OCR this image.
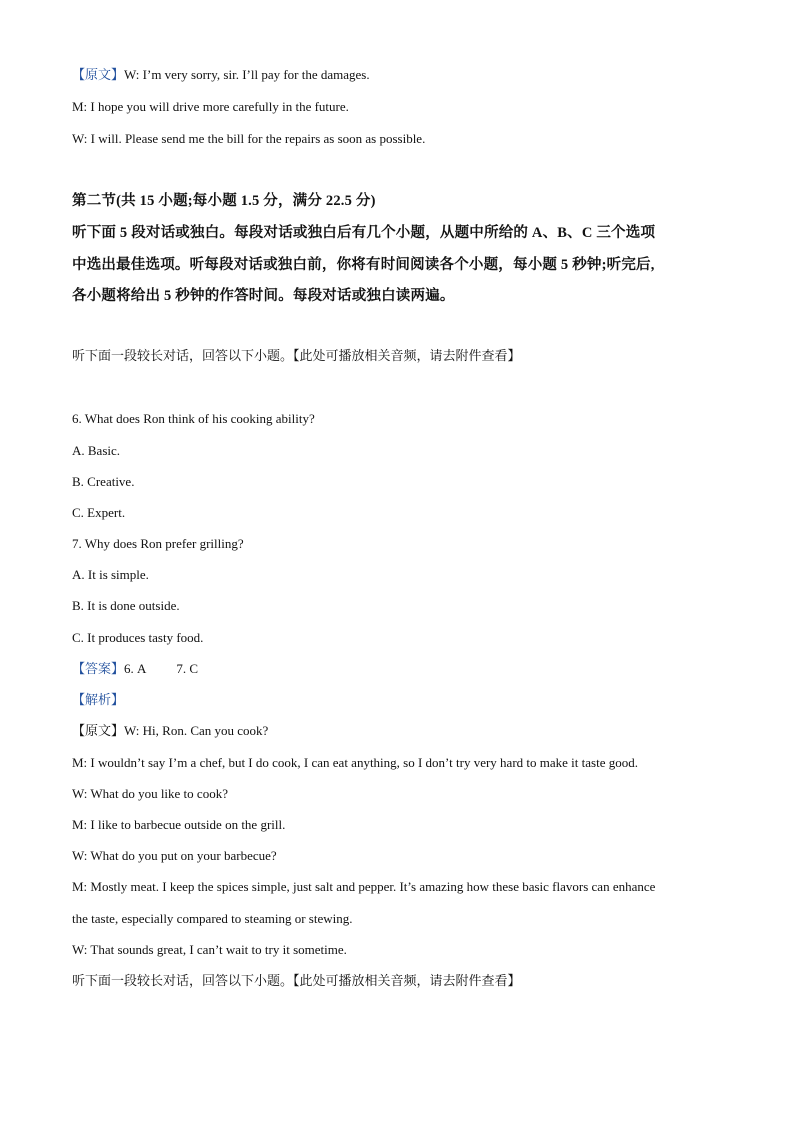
【原文】W: I’m very sorry, sir. I’ll pay for the damages.
M: I hope you will drive more carefully in the future.
W: I will. Please send me the bill for the repairs as soon as possible.
第二节(共 15 小题;每小题 1.5 分，满分 22.5 分)
听下面 5 段对话或独白。每段对话或独白后有几个小题，从题中所给的 A、B、C 三个选项
中选出最佳选项。听每段对话或独白前，你将有时间阅读各个小题，每小题 5 秒钟;听完后,
各小题将给出 5 秒钟的作答时间。每段对话或独白读两遍。
听下面一段较长对话，回答以下小题。【此处可播放相关音频，请去附件查看】
6. What does Ron think of his cooking ability?
A. Basic.
B. Creative.
C. Expert.
7. Why does Ron prefer grilling?
A. It is simple.
B. It is done outside.
C. It produces tasty food.
【答案】6. A 7. C
【解析】
【原文】W: Hi, Ron. Can you cook?
M: I wouldn’t say I’m a chef, but I do cook, I can eat anything, so I don’t try very hard to make it taste good.
W: What do you like to cook?
M: I like to barbecue outside on the grill.
W: What do you put on your barbecue?
M: Mostly meat. I keep the spices simple, just salt and pepper. It’s amazing how these basic flavors can enhance
the taste, especially compared to steaming or stewing.
W: That sounds great, I can’t wait to try it sometime.
听下面一段较长对话，回答以下小题。【此处可播放相关音频，请去附件查看】
